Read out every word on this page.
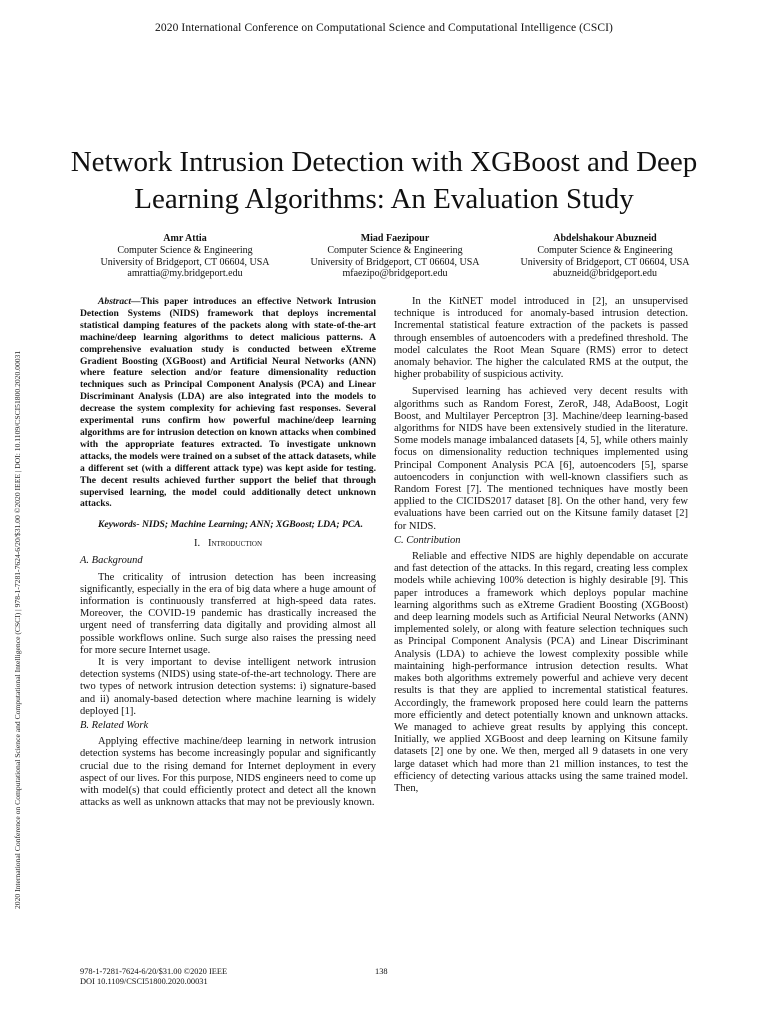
2020 International Conference on Computational Science and Computational Intelligence (CSCI)
2020 International Conference on Computational Science and Computational Intelligence (CSCI) | 978-1-7281-7624-6/20/$31.00 ©2020 IEEE | DOI: 10.1109/CSCI51800.2020.00031
Network Intrusion Detection with XGBoost and Deep Learning Algorithms: An Evaluation Study
Amr Attia
Computer Science & Engineering
University of Bridgeport, CT 06604, USA
amrattia@my.bridgeport.edu
Miad Faezipour
Computer Science & Engineering
University of Bridgeport, CT 06604, USA
mfaezipo@bridgeport.edu
Abdelshakour Abuzneid
Computer Science & Engineering
University of Bridgeport, CT 06604, USA
abuzneid@bridgeport.edu

Abstract—This paper introduces an effective Network Intrusion Detection Systems (NIDS) framework that deploys incremental statistical damping features of the packets along with state-of-the-art machine/deep learning algorithms to detect malicious patterns. A comprehensive evaluation study is conducted between eXtreme Gradient Boosting (XGBoost) and Artificial Neural Networks (ANN) where feature selection and/or feature dimensionality reduction techniques such as Principal Component Analysis (PCA) and Linear Discriminant Analysis (LDA) are also integrated into the models to decrease the system complexity for achieving fast responses. Several experimental runs confirm how powerful machine/deep learning algorithms are for intrusion detection on known attacks when combined with the appropriate features extracted. To investigate unknown attacks, the models were trained on a subset of the attack datasets, while a different set (with a different attack type) was kept aside for testing. The decent results achieved further support the belief that through supervised learning, the model could additionally detect unknown attacks.

Keywords- NIDS; Machine Learning; ANN; XGBoost; LDA; PCA.

I. Introduction

A. Background

The criticality of intrusion detection has been increasing significantly, especially in the era of big data where a huge amount of information is continuously transferred at high-speed data rates. Moreover, the COVID-19 pandemic has drastically increased the urgent need of transferring data digitally and providing almost all possible workflows online. Such surge also raises the pressing need for more secure Internet usage.

It is very important to devise intelligent network intrusion detection systems (NIDS) using state-of-the-art technology. There are two types of network intrusion detection systems: i) signature-based and ii) anomaly-based detection where machine learning is widely deployed [1].

B. Related Work

Applying effective machine/deep learning in network intrusion detection systems has become increasingly popular and significantly crucial due to the rising demand for Internet deployment in every aspect of our lives. For this purpose, NIDS engineers need to come up with model(s) that could efficiently protect and detect all the known attacks as well as unknown attacks that may not be previously known.

In the KitNET model introduced in [2], an unsupervised technique is introduced for anomaly-based intrusion detection. Incremental statistical feature extraction of the packets is passed through ensembles of autoencoders with a predefined threshold. The model calculates the Root Mean Square (RMS) error to detect anomaly behavior. The higher the calculated RMS at the output, the higher probability of suspicious activity.

Supervised learning has achieved very decent results with algorithms such as Random Forest, ZeroR, J48, AdaBoost, Logit Boost, and Multilayer Perceptron [3]. Machine/deep learning-based algorithms for NIDS have been extensively studied in the literature. Some models manage imbalanced datasets [4, 5], while others mainly focus on dimensionality reduction techniques implemented using Principal Component Analysis PCA [6], autoencoders [5], sparse autoencoders in conjunction with well-known classifiers such as Random Forest [7]. The mentioned techniques have mostly been applied to the CICIDS2017 dataset [8]. On the other hand, very few evaluations have been carried out on the Kitsune family dataset [2] for NIDS.

C. Contribution

Reliable and effective NIDS are highly dependable on accurate and fast detection of the attacks. In this regard, creating less complex models while achieving 100% detection is highly desirable [9]. This paper introduces a framework which deploys popular machine learning algorithms such as eXtreme Gradient Boosting (XGBoost) and deep learning models such as Artificial Neural Networks (ANN) implemented solely, or along with feature selection techniques such as Principal Component Analysis (PCA) and Linear Discriminant Analysis (LDA) to achieve the lowest complexity possible while maintaining high-performance intrusion detection results. What makes both algorithms extremely powerful and achieve very decent results is that they are applied to incremental statistical features. Accordingly, the framework proposed here could learn the patterns more efficiently and detect potentially known and unknown attacks. We managed to achieve great results by applying this concept. Initially, we applied XGBoost and deep learning on Kitsune family datasets [2] one by one. We then, merged all 9 datasets in one very large dataset which had more than 21 million instances, to test the efficiency of detecting various attacks using the same trained model. Then,

978-1-7281-7624-6/20/$31.00 ©2020 IEEE
DOI 10.1109/CSCI51800.2020.00031
138
